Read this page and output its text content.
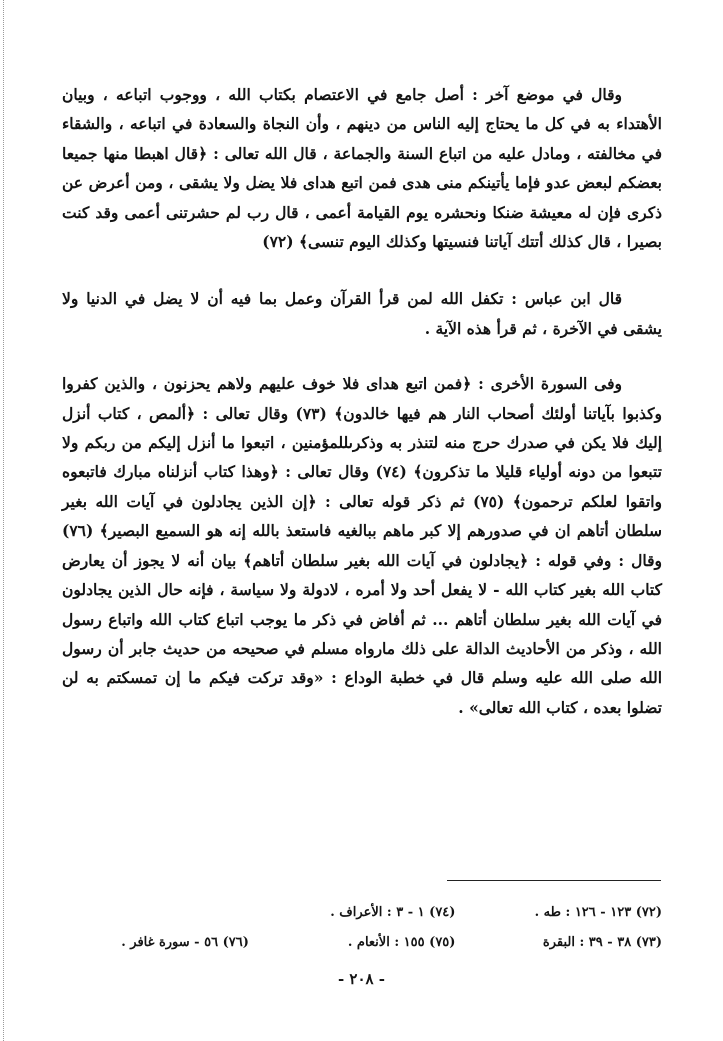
وقال في موضع آخر : أصل جامع في الاعتصام بكتاب الله ، ووجوب اتباعه ، وبيان الأهتداء به في كل ما يحتاج إليه الناس من دينهم ، وأن النجاة والسعادة في اتباعه ، والشقاء في مخالفته ، ومادل عليه من اتباع السنة والجماعة ، قال الله تعالى : ﴿قال اهبطا منها جميعا بعضكم لبعض عدو فإما يأتينكم منى هدى فمن اتبع هداى فلا يضل ولا يشقى ، ومن أعرض عن ذكرى فإن له معيشة ضنكا ونحشره يوم القيامة أعمى ، قال رب لم حشرتنى أعمى وقد كنت بصيرا ، قال كذلك أتتك آياتنا فنسيتها وكذلك اليوم تنسى﴾ (٧٢)

قال ابن عباس : تكفل الله لمن قرأ القرآن وعمل بما فيه أن لا يضل في الدنيا ولا يشقى في الآخرة ، ثم قرأ هذه الآية .

وفى السورة الأخرى : ﴿فمن اتبع هداى فلا خوف عليهم ولاهم يحزنون ، والذين كفروا وكذبوا بآياتنا أولئك أصحاب النار هم فيها خالدون﴾ (٧٣) وقال تعالى : ﴿ألمص ، كتاب أنزل إليك فلا يكن في صدرك حرج منه لتنذر به وذكرىللمؤمنين ، اتبعوا ما أنزل إليكم من ربكم ولا تتبعوا من دونه أولياء قليلا ما تذكرون﴾ (٧٤) وقال تعالى : ﴿وهذا كتاب أنزلناه مبارك فاتبعوه واتقوا لعلكم ترحمون﴾ (٧٥) ثم ذكر قوله تعالى : ﴿إن الذين يجادلون في آيات الله بغير سلطان أتاهم ان في صدورهم إلا كبر ماهم ببالغيه فاستعذ بالله إنه هو السميع البصير﴾ (٧٦) وقال : وفي قوله : ﴿يجادلون في آيات الله بغير سلطان أتاهم﴾ بيان أنه لا يجوز أن يعارض كتاب الله بغير كتاب الله - لا يفعل أحد ولا أمره ، لادولة ولا سياسة ، فإنه حال الذين يجادلون في آيات الله بغير سلطان أتاهم ... ثم أفاض في ذكر ما يوجب اتباع كتاب الله واتباع رسول الله ، وذكر من الأحاديث الدالة على ذلك مارواه مسلم في صحيحه من حديث جابر أن رسول الله صلى الله عليه وسلم قال في خطبة الوداع : «وقد تركت فيكم ما إن تمسكتم به لن تضلوا بعده ، كتاب الله تعالى» .

(٧٢) ١٢٣ - ١٢٦ : طه .
(٧٤) ١ - ٣ : الأعراف .
(٧٣) ٣٨ - ٣٩ : البقرة
(٧٥) ١٥٥ : الأنعام .
(٧٦) ٥٦ - سورة غافر .
- ٢٠٨ -
